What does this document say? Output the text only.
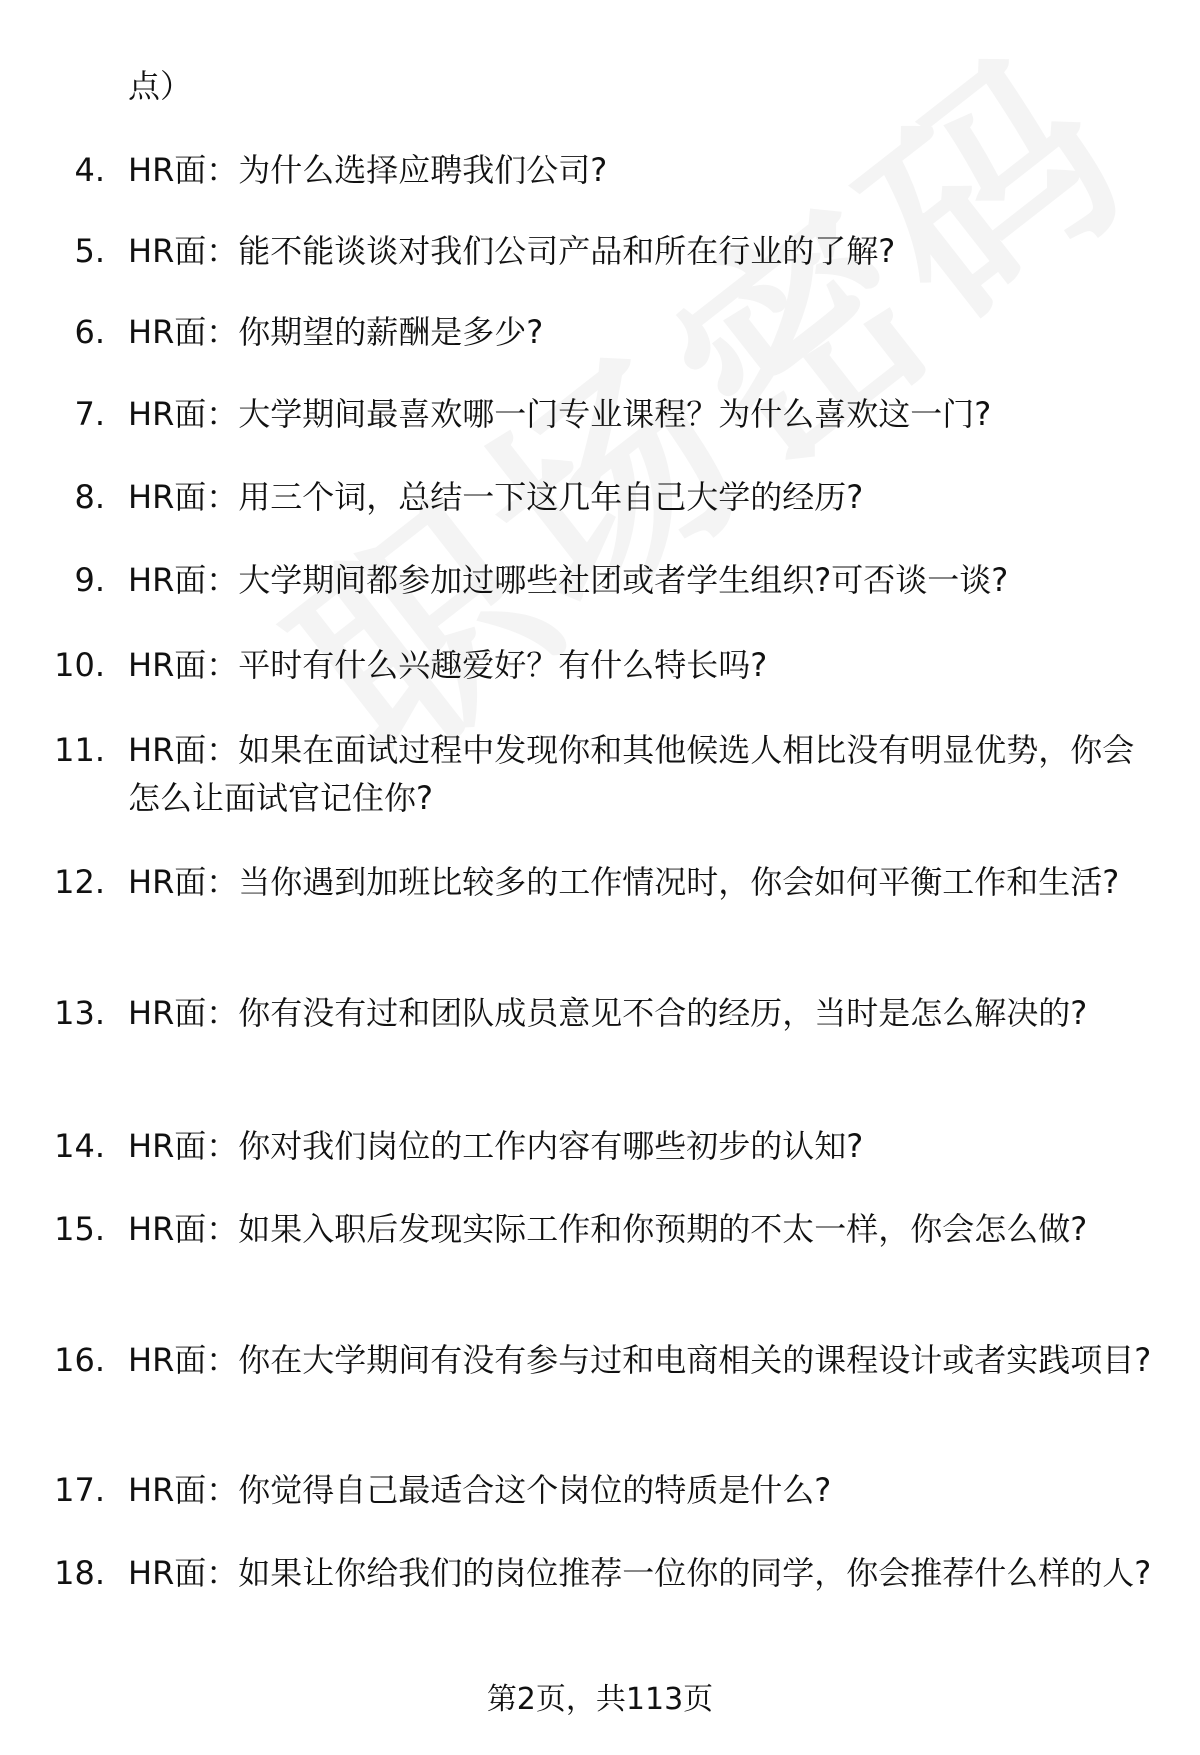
点）
4. HR面：为什么选择应聘我们公司?
5. HR面：能不能谈谈对我们公司产品和所在行业的了解?
6. HR面：你期望的薪酬是多少?
7. HR面：大学期间最喜欢哪一门专业课程？为什么喜欢这一门?
8. HR面：用三个词，总结一下这几年自己大学的经历?
9. HR面：大学期间都参加过哪些社团或者学生组织?可否谈一谈?
10. HR面：平时有什么兴趣爱好？有什么特长吗?
11. HR面：如果在面试过程中发现你和其他候选人相比没有明显优势，你会怎么让面试官记住你?
12. HR面：当你遇到加班比较多的工作情况时，你会如何平衡工作和生活?
13. HR面：你有没有过和团队成员意见不合的经历，当时是怎么解决的?
14. HR面：你对我们岗位的工作内容有哪些初步的认知?
15. HR面：如果入职后发现实际工作和你预期的不太一样，你会怎么做?
16. HR面：你在大学期间有没有参与过和电商相关的课程设计或者实践项目?
17. HR面：你觉得自己最适合这个岗位的特质是什么?
18. HR面：如果让你给我们的岗位推荐一位你的同学，你会推荐什么样的人?
第2页，共113页
